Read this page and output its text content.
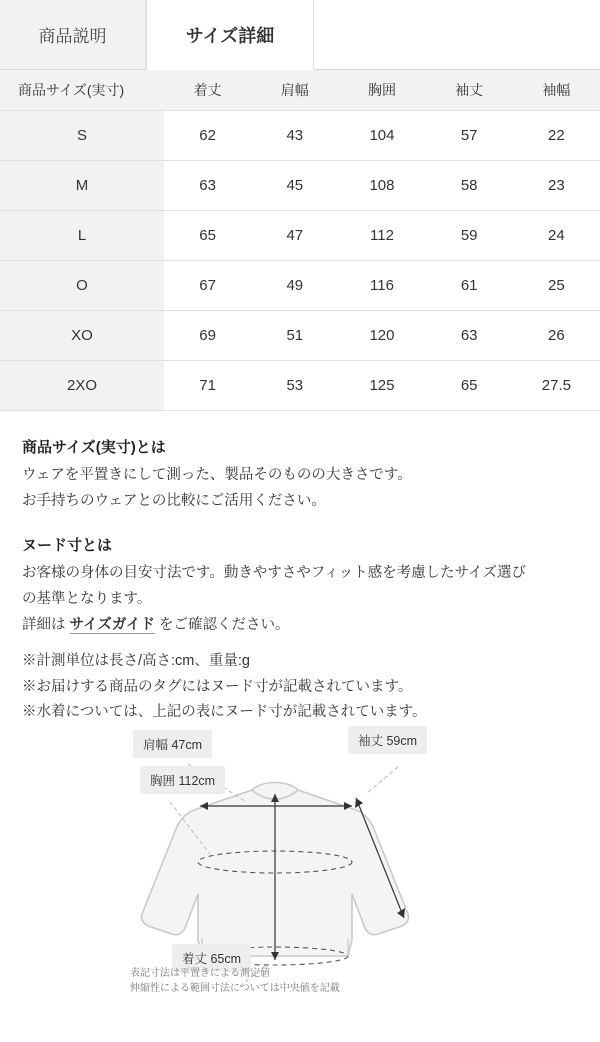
商品説明	サイズ詳細
商品サイズ(実寸)	着丈	肩幅	胸囲	袖丈	袖幅
S	62	43	104	57	22
M	63	45	108	58	23
L	65	47	112	59	24
O	67	49	116	61	25
XO	69	51	120	63	26
2XO	71	53	125	65	27.5
商品サイズ(実寸)とは

ウェアを平置きにして測った、製品そのものの大きさです。

お手持ちのウェアとの比較にご活用ください。

ヌード寸とは

お客様の身体の目安寸法です。動きやすさやフィット感を考慮したサイズ選び

の基準となります。

詳細は サイズガイド をご確認ください。

※計測単位は長さ/高さ:cm、重量:g

※お届けする商品のタグにはヌード寸が記載されています。

※水着については、上記の表にヌード寸が記載されています。

肩幅 47cm
胸囲 112cm
袖丈 59cm
着丈 65cm
表記寸法は平置きによる測定値
伸縮性による範囲寸法については中央値を記載
